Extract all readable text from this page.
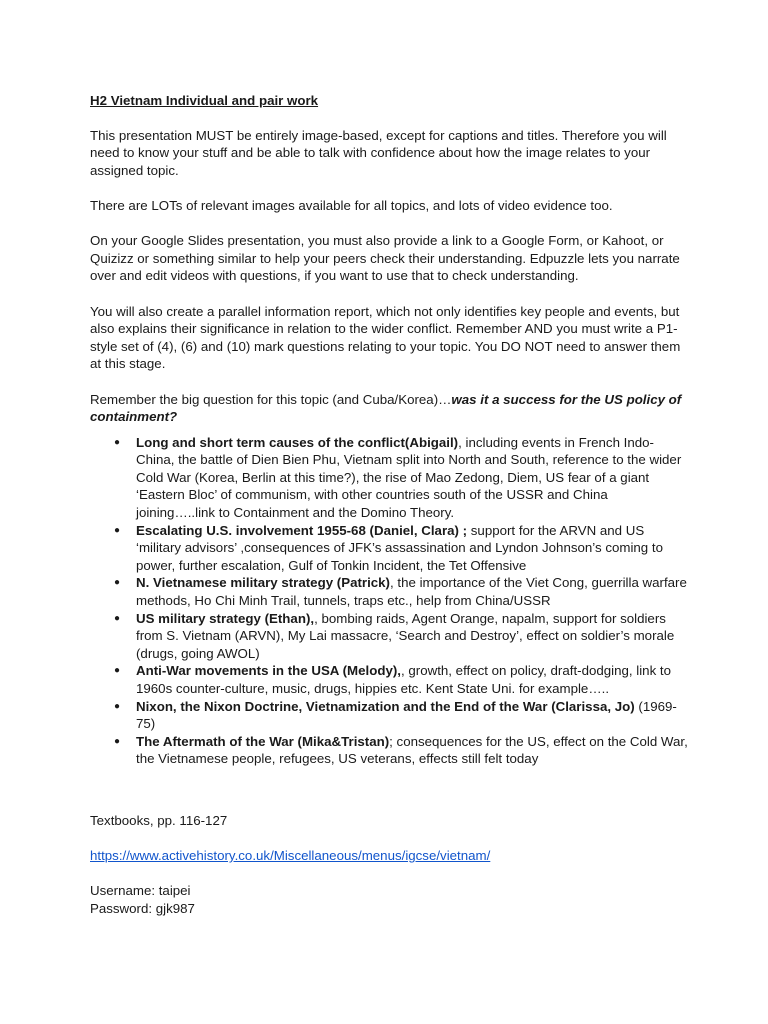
H2 Vietnam Individual and pair work
This presentation MUST be entirely image-based, except for captions and titles. Therefore you will need to know your stuff and be able to talk with confidence about how the image relates to your assigned topic.
There are LOTs of relevant images available for all topics, and lots of video evidence too.
On your Google Slides presentation, you must also provide a link to a Google Form, or Kahoot, or Quizizz or something similar to help your peers check their understanding. Edpuzzle lets you narrate over and edit videos with questions, if you want to use that to check understanding.
You will also create a parallel information report, which not only identifies key people and events, but also explains their significance in relation to the wider conflict. Remember AND you must write a P1-style set of (4), (6) and (10) mark questions relating to your topic. You DO NOT need to answer them at this stage.
Remember the big question for this topic (and Cuba/Korea)…was it a success for the US policy of containment?
● Long and short term causes of the conflict(Abigail), including events in French Indo-China, the battle of Dien Bien Phu, Vietnam split into North and South, reference to the wider Cold War (Korea, Berlin at this time?), the rise of Mao Zedong, Diem, US fear of a giant ‘Eastern Bloc’ of communism, with other countries south of the USSR and China joining…..link to Containment and the Domino Theory.
● Escalating U.S. involvement 1955-68 (Daniel, Clara) ; support for the ARVN and US ‘military advisors’ ,consequences of JFK’s assassination and Lyndon Johnson’s coming to power, further escalation, Gulf of Tonkin Incident, the Tet Offensive
● N. Vietnamese military strategy (Patrick), the importance of the Viet Cong, guerrilla warfare methods, Ho Chi Minh Trail, tunnels, traps etc., help from China/USSR
● US military strategy (Ethan),, bombing raids, Agent Orange, napalm, support for soldiers from S. Vietnam (ARVN), My Lai massacre, ‘Search and Destroy’, effect on soldier’s morale (drugs, going AWOL)
● Anti-War movements in the USA (Melody),, growth, effect on policy, draft-dodging, link to 1960s counter-culture, music, drugs, hippies etc. Kent State Uni. for example…..
● Nixon, the Nixon Doctrine, Vietnamization and the End of the War (Clarissa, Jo) (1969-75)
● The Aftermath of the War (Mika&Tristan); consequences for the US, effect on the Cold War, the Vietnamese people, refugees, US veterans, effects still felt today
Textbooks, pp. 116-127
https://www.activehistory.co.uk/Miscellaneous/menus/igcse/vietnam/
Username: taipei
Password: gjk987
